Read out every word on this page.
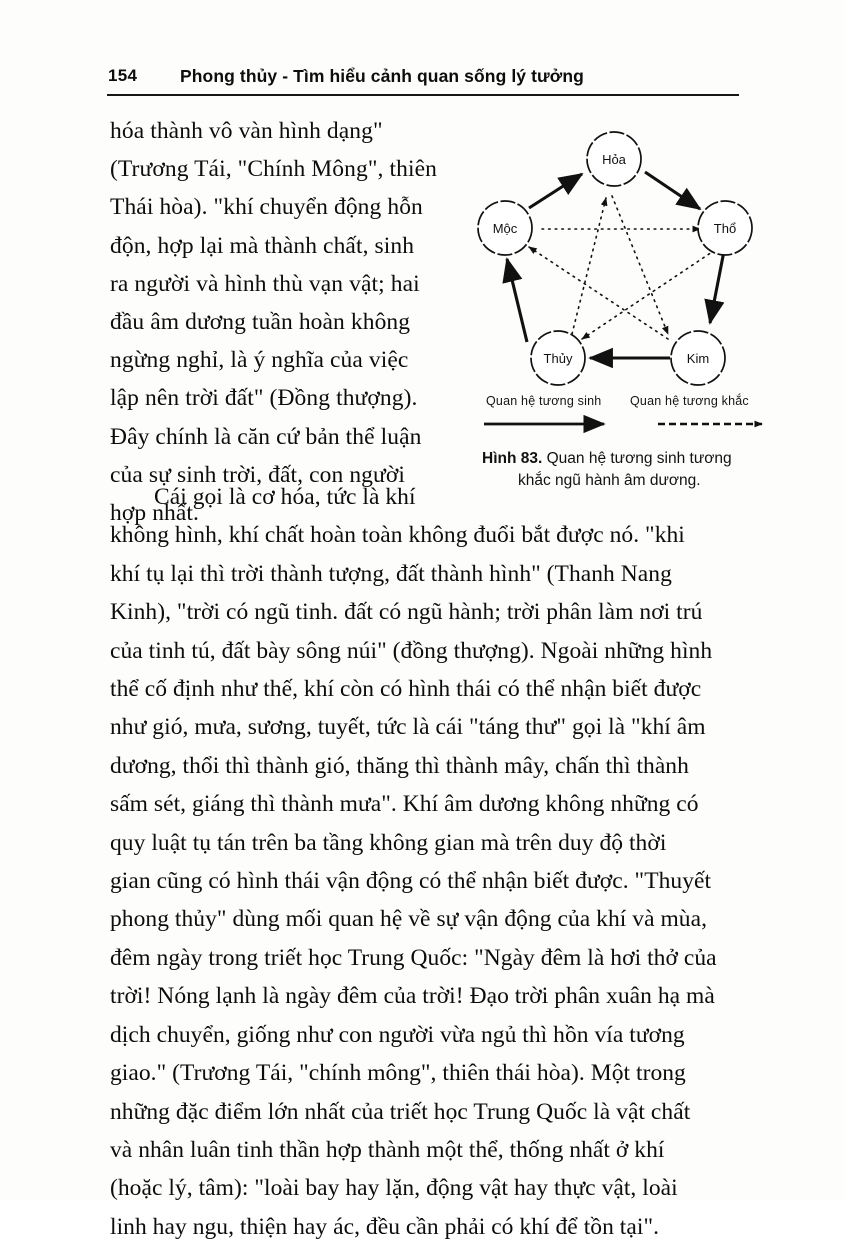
154 Phong thủy - Tìm hiểu cảnh quan sống lý tưởng
hóa thành vô vàn hình dạng"
(Trương Tái, "Chính Mông", thiên
Thái hòa). "khí chuyển động hỗn
độn, hợp lại mà thành chất, sinh
ra người và hình thù vạn vật; hai
đầu âm dương tuần hoàn không
ngừng nghỉ, là ý nghĩa của việc
lập nên trời đất" (Đồng thượng).
Đây chính là căn cứ bản thể luận
của sự sinh trời, đất, con người
hợp nhất.
Hỏa
Mộc	Thổ
Thủy	Kim
Quan hệ tương sinh Quan hệ tương khắc
Hình 83. Quan hệ tương sinh tương
khắc ngũ hành âm dương.
Cái gọi là cơ hóa, tức là khí
không hình, khí chất hoàn toàn không đuổi bắt được nó. "khi
khí tụ lại thì trời thành tượng, đất thành hình" (Thanh Nang
Kinh), "trời có ngũ tinh. đất có ngũ hành; trời phân làm nơi trú
của tinh tú, đất bày sông núi" (đồng thượng). Ngoài những hình
thể cố định như thế, khí còn có hình thái có thể nhận biết được
như gió, mưa, sương, tuyết, tức là cái "táng thư" gọi là "khí âm
dương, thổi thì thành gió, thăng thì thành mây, chấn thì thành
sấm sét, giáng thì thành mưa". Khí âm dương không những có
quy luật tụ tán trên ba tầng không gian mà trên duy độ thời
gian cũng có hình thái vận động có thể nhận biết được. "Thuyết
phong thủy" dùng mối quan hệ về sự vận động của khí và mùa,
đêm ngày trong triết học Trung Quốc: "Ngày đêm là hơi thở của
trời! Nóng lạnh là ngày đêm của trời! Đạo trời phân xuân hạ mà
dịch chuyển, giống như con người vừa ngủ thì hồn vía tương
giao." (Trương Tái, "chính mông", thiên thái hòa). Một trong
những đặc điểm lớn nhất của triết học Trung Quốc là vật chất
và nhân luân tinh thần hợp thành một thể, thống nhất ở khí
(hoặc lý, tâm): "loài bay hay lặn, động vật hay thực vật, loài
linh hay ngu, thiện hay ác, đều cần phải có khí để tồn tại".
